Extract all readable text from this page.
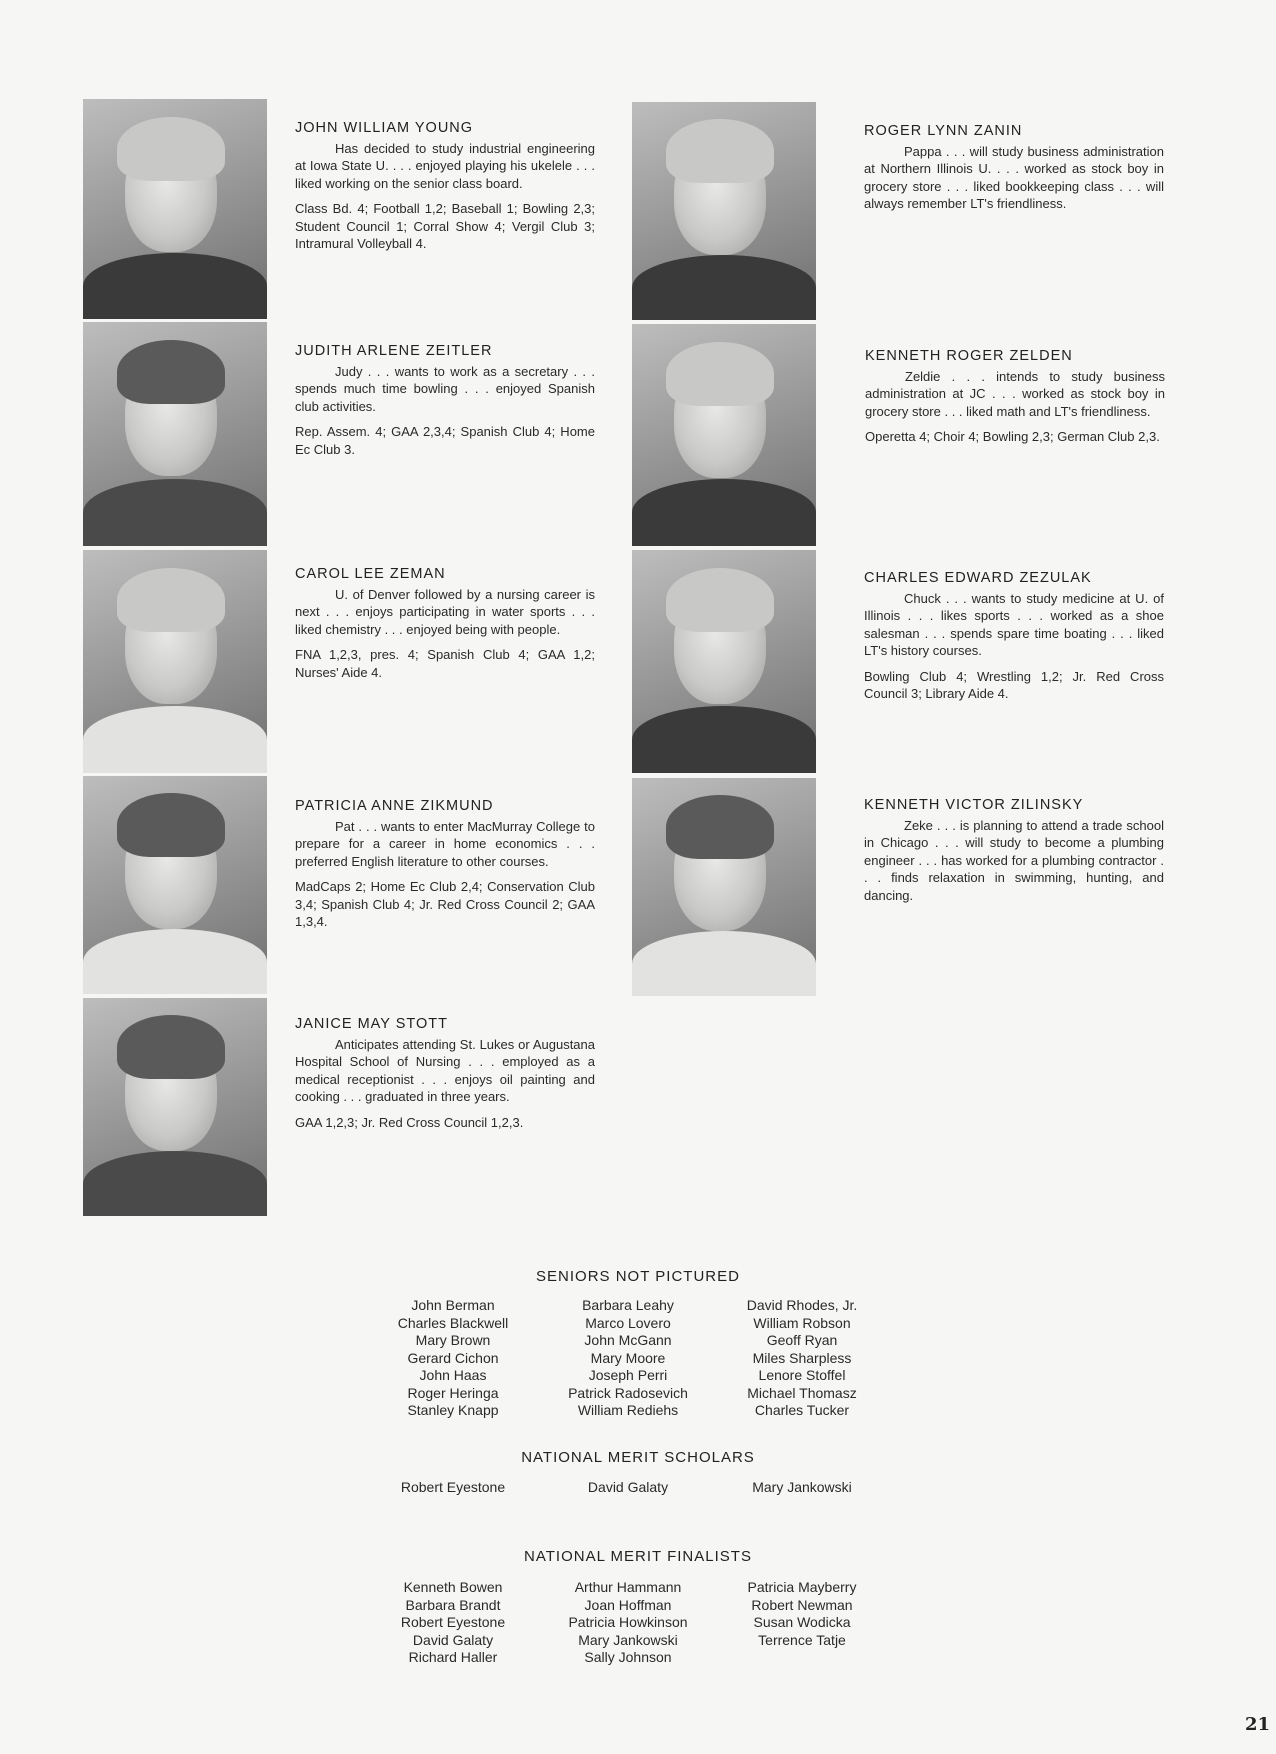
JOHN WILLIAM YOUNG

Has decided to study industrial engineering at Iowa State U. . . . enjoyed playing his ukelele . . . liked working on the senior class board.

Class Bd. 4; Football 1,2; Baseball 1; Bowling 2,3; Student Council 1; Corral Show 4; Vergil Club 3; Intramural Volleyball 4.

ROGER LYNN ZANIN

Pappa . . . will study business administration at Northern Illinois U. . . . worked as stock boy in grocery store . . . liked bookkeeping class . . . will always remember LT's friendliness.

JUDITH ARLENE ZEITLER

Judy . . . wants to work as a secretary . . . spends much time bowling . . . enjoyed Spanish club activities.

Rep. Assem. 4; GAA 2,3,4; Spanish Club 4; Home Ec Club 3.

KENNETH ROGER ZELDEN

Zeldie . . . intends to study business administration at JC . . . worked as stock boy in grocery store . . . liked math and LT's friendliness.

Operetta 4; Choir 4; Bowling 2,3; German Club 2,3.

CAROL LEE ZEMAN

U. of Denver followed by a nursing career is next . . . enjoys participating in water sports . . . liked chemistry . . . enjoyed being with people.

FNA 1,2,3, pres. 4; Spanish Club 4; GAA 1,2; Nurses' Aide 4.

CHARLES EDWARD ZEZULAK

Chuck . . . wants to study medicine at U. of Illinois . . . likes sports . . . worked as a shoe salesman . . . spends spare time boating . . . liked LT's history courses.

Bowling Club 4; Wrestling 1,2; Jr. Red Cross Council 3; Library Aide 4.

PATRICIA ANNE ZIKMUND

Pat . . . wants to enter MacMurray College to prepare for a career in home economics . . . preferred English literature to other courses.

MadCaps 2; Home Ec Club 2,4; Conservation Club 3,4; Spanish Club 4; Jr. Red Cross Council 2; GAA 1,3,4.

KENNETH VICTOR ZILINSKY

Zeke . . . is planning to attend a trade school in Chicago . . . will study to become a plumbing engineer . . . has worked for a plumbing contractor . . . finds relaxation in swimming, hunting, and dancing.

JANICE MAY STOTT

Anticipates attending St. Lukes or Augustana Hospital School of Nursing . . . employed as a medical receptionist . . . enjoys oil painting and cooking . . . graduated in three years.

GAA 1,2,3; Jr. Red Cross Council 1,2,3.

SENIORS NOT PICTURED
John Berman
Charles Blackwell
Mary Brown
Gerard Cichon
John Haas
Roger Heringa
Stanley Knapp
Barbara Leahy
Marco Lovero
John McGann
Mary Moore
Joseph Perri
Patrick Radosevich
William Rediehs
David Rhodes, Jr.
William Robson
Geoff Ryan
Miles Sharpless
Lenore Stoffel
Michael Thomasz
Charles Tucker
NATIONAL MERIT SCHOLARS
Robert Eyestone	David Galaty	Mary Jankowski
NATIONAL MERIT FINALISTS
Kenneth Bowen
Barbara Brandt
Robert Eyestone
David Galaty
Richard Haller
Arthur Hammann
Joan Hoffman
Patricia Howkinson
Mary Jankowski
Sally Johnson
Patricia Mayberry
Robert Newman
Susan Wodicka
Terrence Tatje
21
